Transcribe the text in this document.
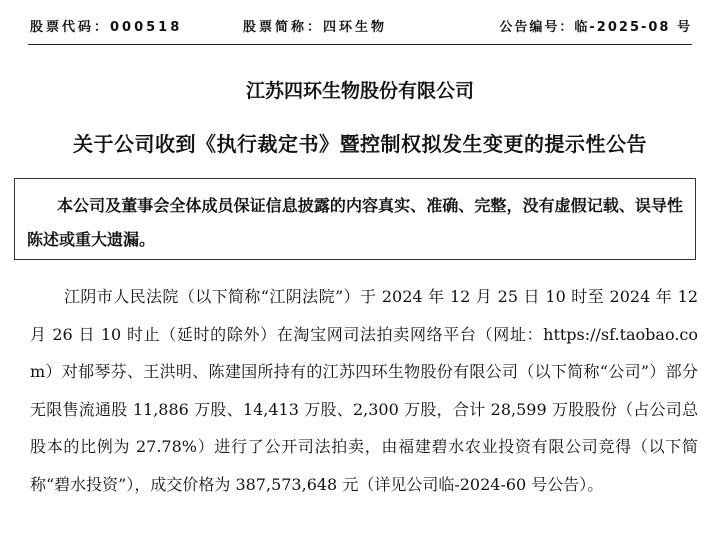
股票代码：000518	股票简称：四环生物	公告编号：临-2025-08 号
江苏四环生物股份有限公司
关于公司收到《执行裁定书》暨控制权拟发生变更的提示性公告
本公司及董事会全体成员保证信息披露的内容真实、准确、完整，没有虚假记载、误导性陈述或重大遗漏。
江阴市人民法院（以下简称“江阴法院”）于 2024 年 12 月 25 日 10 时至 2024 年 12 月 26 日 10 时止（延时的除外）在淘宝网司法拍卖网络平台（网址：https://sf.taobao.com）对郁琴芬、王洪明、陈建国所持有的江苏四环生物股份有限公司（以下简称“公司”）部分无限售流通股 11,886 万股、14,413 万股、2,300 万股，合计 28,599 万股股份（占公司总股本的比例为 27.78%）进行了公开司法拍卖，由福建碧水农业投资有限公司竞得（以下简称“碧水投资”），成交价格为 387,573,648 元（详见公司临-2024-60 号公告）。
